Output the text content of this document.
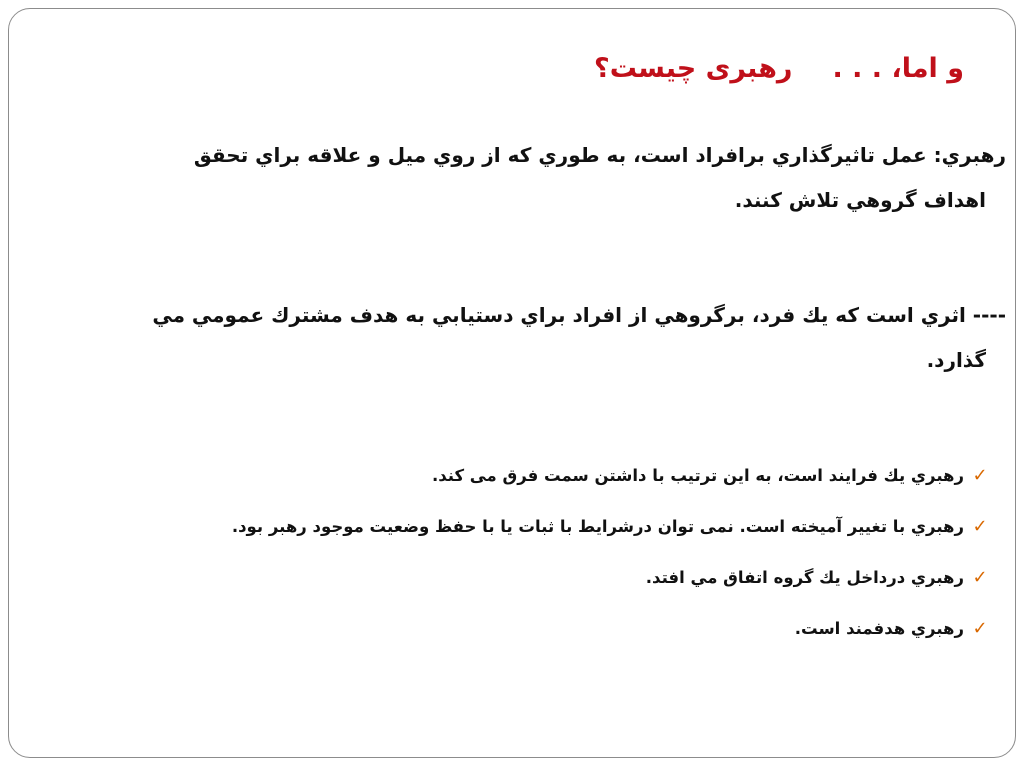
و اما، . . .رهبری چیست؟

رهبري: عمل تاثيرگذاري برافراد است، به طوري كه از روي ميل و علاقه براي تحقق
اهداف گروهي تلاش كنند.

---- اثري است كه يك فرد، برگروهي از افراد براي دستيابي به هدف مشترك عمومي مي
گذارد.

✓رهبري يك فرايند است، به این ترتیب با داشتن سمت فرق می کند.
✓رهبري با تغيير آميخته است. نمی توان درشرایط با ثبات یا با حفظ وضعیت موجود رهبر بود.
✓رهبري درداخل يك گروه اتفاق مي افتد.
✓رهبري هدفمند است.
